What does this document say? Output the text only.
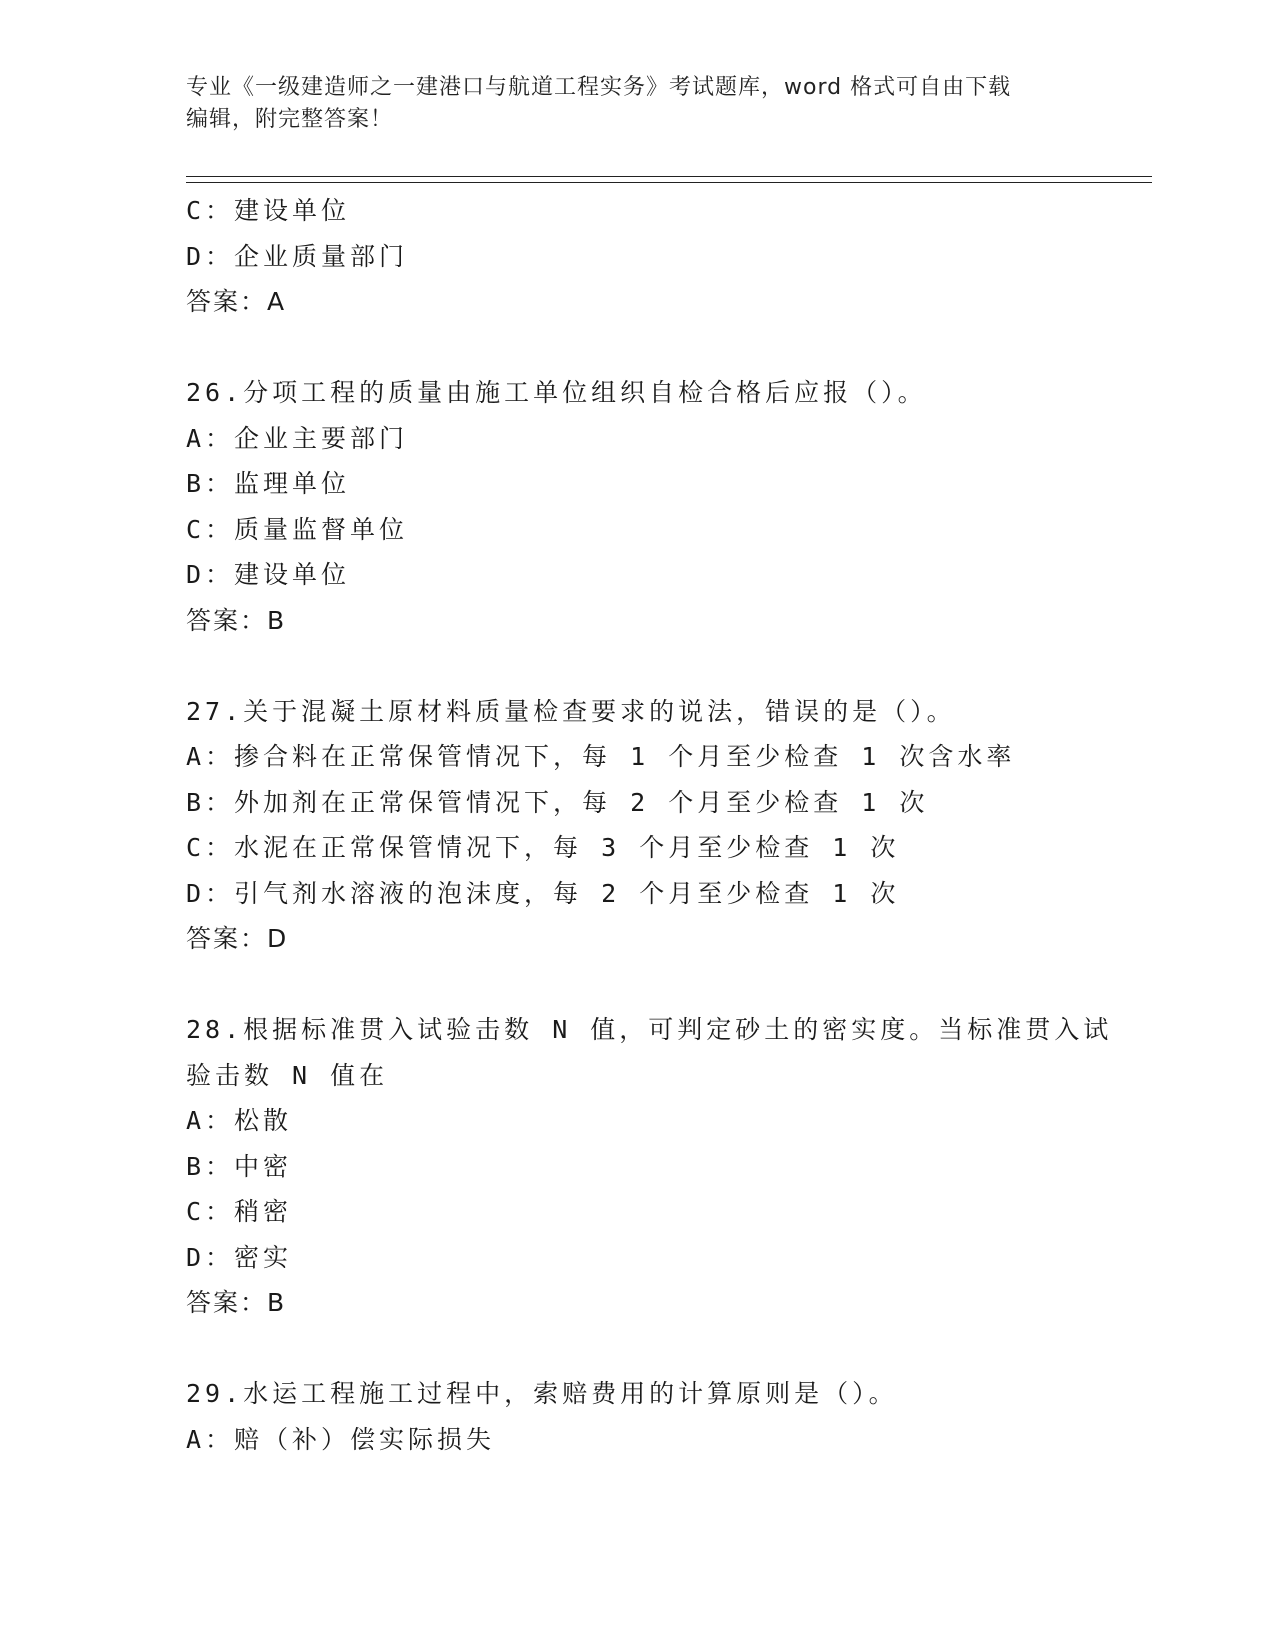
专业《一级建造师之一建港口与航道工程实务》考试题库，word 格式可自由下载
编辑，附完整答案！
C：建设单位
D：企业质量部门
答案：A
26.分项工程的质量由施工单位组织自检合格后应报（）。
A：企业主要部门
B：监理单位
C：质量监督单位
D：建设单位
答案：B
27.关于混凝土原材料质量检查要求的说法，错误的是（）。
A：掺合料在正常保管情况下，每 1 个月至少检查 1 次含水率
B：外加剂在正常保管情况下，每 2 个月至少检查 1 次
C：水泥在正常保管情况下，每 3 个月至少检查 1 次
D：引气剂水溶液的泡沫度，每 2 个月至少检查 1 次
答案：D
28.根据标准贯入试验击数 N 值，可判定砂土的密实度。当标准贯入试
验击数 N 值在
A：松散
B：中密
C：稍密
D：密实
答案：B
29.水运工程施工过程中，索赔费用的计算原则是（）。
A：赔（补）偿实际损失
